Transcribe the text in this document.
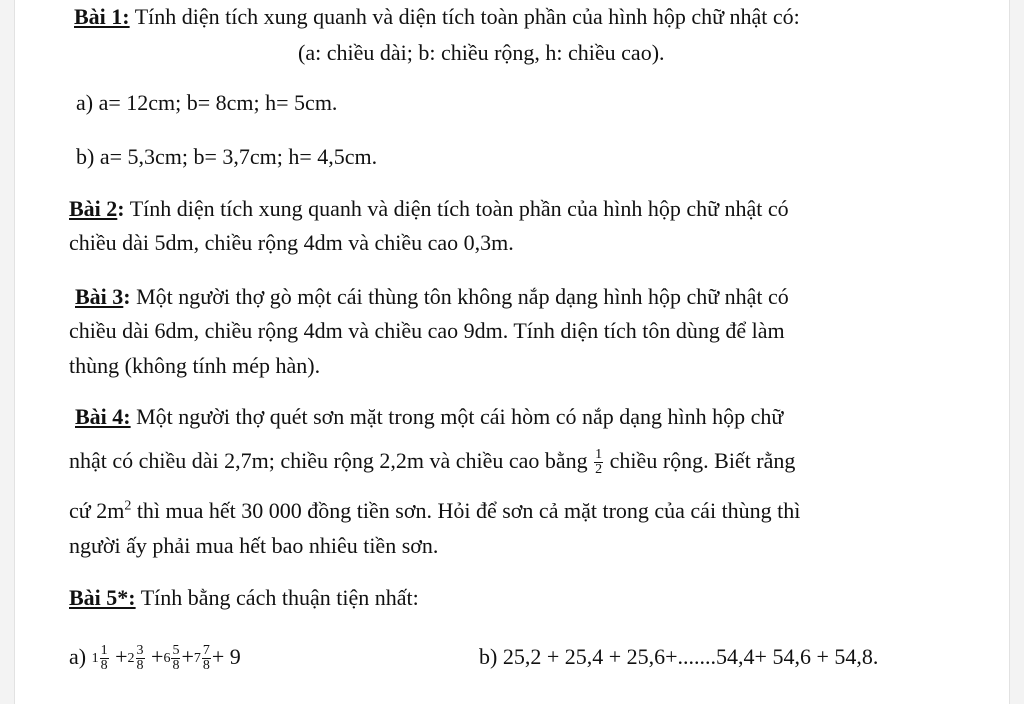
Bài 1: Tính diện tích xung quanh và diện tích toàn phần của hình hộp chữ nhật có:
(a: chiều dài; b: chiều rộng, h: chiều cao).
a) a= 12cm; b= 8cm; h= 5cm.
b) a= 5,3cm; b= 3,7cm; h= 4,5cm.
Bài 2: Tính diện tích xung quanh và diện tích toàn phần của hình hộp chữ nhật có
chiều dài 5dm, chiều rộng 4dm và chiều cao 0,3m.
Bài 3: Một người thợ gò một cái thùng tôn không nắp dạng hình hộp chữ nhật có
chiều dài 6dm, chiều rộng 4dm và chiều cao 9dm. Tính diện tích tôn dùng để làm
thùng (không tính mép hàn).
Bài 4: Một người thợ quét sơn mặt trong một cái hòm có nắp dạng hình hộp chữ
nhật có chiều dài 2,7m; chiều rộng 2,2m và chiều cao bằng $\frac{1}{2}$ chiều rộng. Biết rằng
cứ $2m^2$ thì mua hết 30 000 đồng tiền sơn. Hỏi để sơn cả mặt trong của cái thùng thì
người ấy phải mua hết bao nhiêu tiền sơn.
Bài 5*: Tính bằng cách thuận tiện nhất:
a) $1 \frac{1}{8} +2 \frac{3}{8} +6 \frac{5}{8} +7 \frac{7}{8} + 9$	b) 25,2 + 25,4 + 25,6+.......54,4+ 54,6 + 54,8.
